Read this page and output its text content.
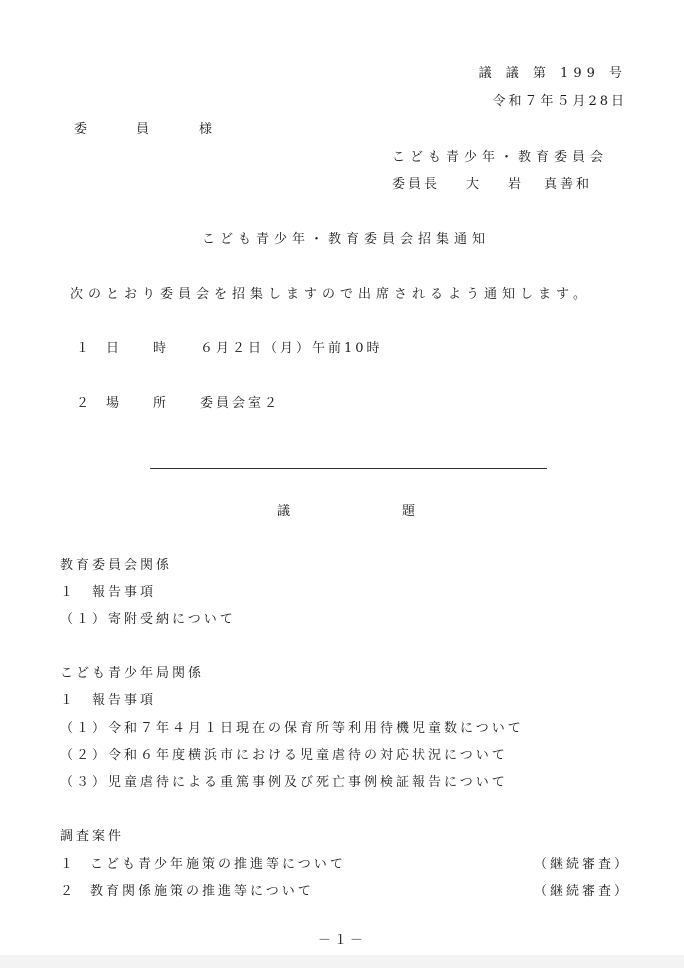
議 議 第 199 号
令和７年５月28日
委	員	様
こども青少年・教育委員会
委員長 大　岩 真善和
こども青少年・教育委員会招集通知
次のとおり委員会を招集しますので出席されるよう通知します。
１ 日	時	６月２日（月）午前10時
２ 場	所	委員会室２
議	題
教育委員会関係
１　報告事項
（１）寄附受納について
こども青少年局関係
１　報告事項
（１）令和７年４月１日現在の保育所等利用待機児童数について
（２）令和６年度横浜市における児童虐待の対応状況について
（３）児童虐待による重篤事例及び死亡事例検証報告について
調査案件
１ こども青少年施策の推進等について	（継続審査）
２ 教育関係施策の推進等について	（継続審査）
－１－
